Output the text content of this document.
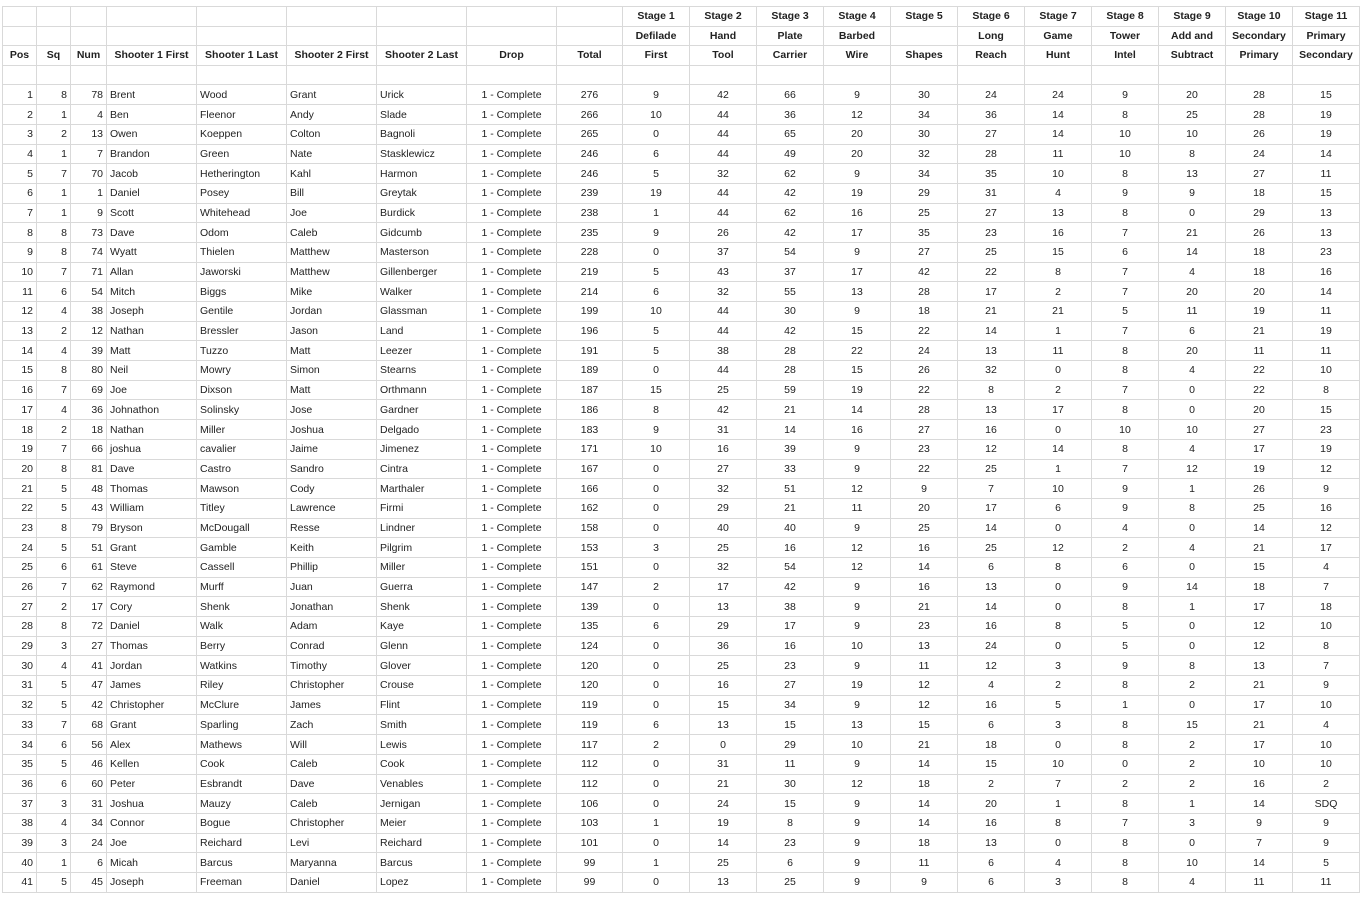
									Stage 1	Stage 2	Stage 3	Stage 4	Stage 5	Stage 6	Stage 7	Stage 8	Stage 9	Stage 10	Stage 11
									Defilade	Hand	Plate	Barbed		Long	Game	Tower	Add and	Secondary	Primary
Pos	Sq	Num	Shooter 1 First	Shooter 1 Last	Shooter 2 First	Shooter 2 Last	Drop	Total	First	Tool	Carrier	Wire	Shapes	Reach	Hunt	Intel	Subtract	Primary	Secondary

1	8	78	Brent	Wood	Grant	Urick	1 - Complete	276	9	42	66	9	30	24	24	9	20	28	15
2	1	4	Ben	Fleenor	Andy	Slade	1 - Complete	266	10	44	36	12	34	36	14	8	25	28	19
3	2	13	Owen	Koeppen	Colton	Bagnoli	1 - Complete	265	0	44	65	20	30	27	14	10	10	26	19
4	1	7	Brandon	Green	Nate	Stasklewicz	1 - Complete	246	6	44	49	20	32	28	11	10	8	24	14
5	7	70	Jacob	Hetherington	Kahl	Harmon	1 - Complete	246	5	32	62	9	34	35	10	8	13	27	11
6	1	1	Daniel	Posey	Bill	Greytak	1 - Complete	239	19	44	42	19	29	31	4	9	9	18	15
7	1	9	Scott	Whitehead	Joe	Burdick	1 - Complete	238	1	44	62	16	25	27	13	8	0	29	13
8	8	73	Dave	Odom	Caleb	Gidcumb	1 - Complete	235	9	26	42	17	35	23	16	7	21	26	13
9	8	74	Wyatt	Thielen	Matthew	Masterson	1 - Complete	228	0	37	54	9	27	25	15	6	14	18	23
10	7	71	Allan	Jaworski	Matthew	Gillenberger	1 - Complete	219	5	43	37	17	42	22	8	7	4	18	16
11	6	54	Mitch	Biggs	Mike	Walker	1 - Complete	214	6	32	55	13	28	17	2	7	20	20	14
12	4	38	Joseph	Gentile	Jordan	Glassman	1 - Complete	199	10	44	30	9	18	21	21	5	11	19	11
13	2	12	Nathan	Bressler	Jason	Land	1 - Complete	196	5	44	42	15	22	14	1	7	6	21	19
14	4	39	Matt	Tuzzo	Matt	Leezer	1 - Complete	191	5	38	28	22	24	13	11	8	20	11	11
15	8	80	Neil	Mowry	Simon	Stearns	1 - Complete	189	0	44	28	15	26	32	0	8	4	22	10
16	7	69	Joe	Dixson	Matt	Orthmann	1 - Complete	187	15	25	59	19	22	8	2	7	0	22	8
17	4	36	Johnathon	Solinsky	Jose	Gardner	1 - Complete	186	8	42	21	14	28	13	17	8	0	20	15
18	2	18	Nathan	Miller	Joshua	Delgado	1 - Complete	183	9	31	14	16	27	16	0	10	10	27	23
19	7	66	joshua	cavalier	Jaime	Jimenez	1 - Complete	171	10	16	39	9	23	12	14	8	4	17	19
20	8	81	Dave	Castro	Sandro	Cintra	1 - Complete	167	0	27	33	9	22	25	1	7	12	19	12
21	5	48	Thomas	Mawson	Cody	Marthaler	1 - Complete	166	0	32	51	12	9	7	10	9	1	26	9
22	5	43	William	Titley	Lawrence	Firmi	1 - Complete	162	0	29	21	11	20	17	6	9	8	25	16
23	8	79	Bryson	McDougall	Resse	Lindner	1 - Complete	158	0	40	40	9	25	14	0	4	0	14	12
24	5	51	Grant	Gamble	Keith	Pilgrim	1 - Complete	153	3	25	16	12	16	25	12	2	4	21	17
25	6	61	Steve	Cassell	Phillip	Miller	1 - Complete	151	0	32	54	12	14	6	8	6	0	15	4
26	7	62	Raymond	Murff	Juan	Guerra	1 - Complete	147	2	17	42	9	16	13	0	9	14	18	7
27	2	17	Cory	Shenk	Jonathan	Shenk	1 - Complete	139	0	13	38	9	21	14	0	8	1	17	18
28	8	72	Daniel	Walk	Adam	Kaye	1 - Complete	135	6	29	17	9	23	16	8	5	0	12	10
29	3	27	Thomas	Berry	Conrad	Glenn	1 - Complete	124	0	36	16	10	13	24	0	5	0	12	8
30	4	41	Jordan	Watkins	Timothy	Glover	1 - Complete	120	0	25	23	9	11	12	3	9	8	13	7
31	5	47	James	Riley	Christopher	Crouse	1 - Complete	120	0	16	27	19	12	4	2	8	2	21	9
32	5	42	Christopher	McClure	James	Flint	1 - Complete	119	0	15	34	9	12	16	5	1	0	17	10
33	7	68	Grant	Sparling	Zach	Smith	1 - Complete	119	6	13	15	13	15	6	3	8	15	21	4
34	6	56	Alex	Mathews	Will	Lewis	1 - Complete	117	2	0	29	10	21	18	0	8	2	17	10
35	5	46	Kellen	Cook	Caleb	Cook	1 - Complete	112	0	31	11	9	14	15	10	0	2	10	10
36	6	60	Peter	Esbrandt	Dave	Venables	1 - Complete	112	0	21	30	12	18	2	7	2	2	16	2
37	3	31	Joshua	Mauzy	Caleb	Jernigan	1 - Complete	106	0	24	15	9	14	20	1	8	1	14	SDQ
38	4	34	Connor	Bogue	Christopher	Meier	1 - Complete	103	1	19	8	9	14	16	8	7	3	9	9
39	3	24	Joe	Reichard	Levi	Reichard	1 - Complete	101	0	14	23	9	18	13	0	8	0	7	9
40	1	6	Micah	Barcus	Maryanna	Barcus	1 - Complete	99	1	25	6	9	11	6	4	8	10	14	5
41	5	45	Joseph	Freeman	Daniel	Lopez	1 - Complete	99	0	13	25	9	9	6	3	8	4	11	11
